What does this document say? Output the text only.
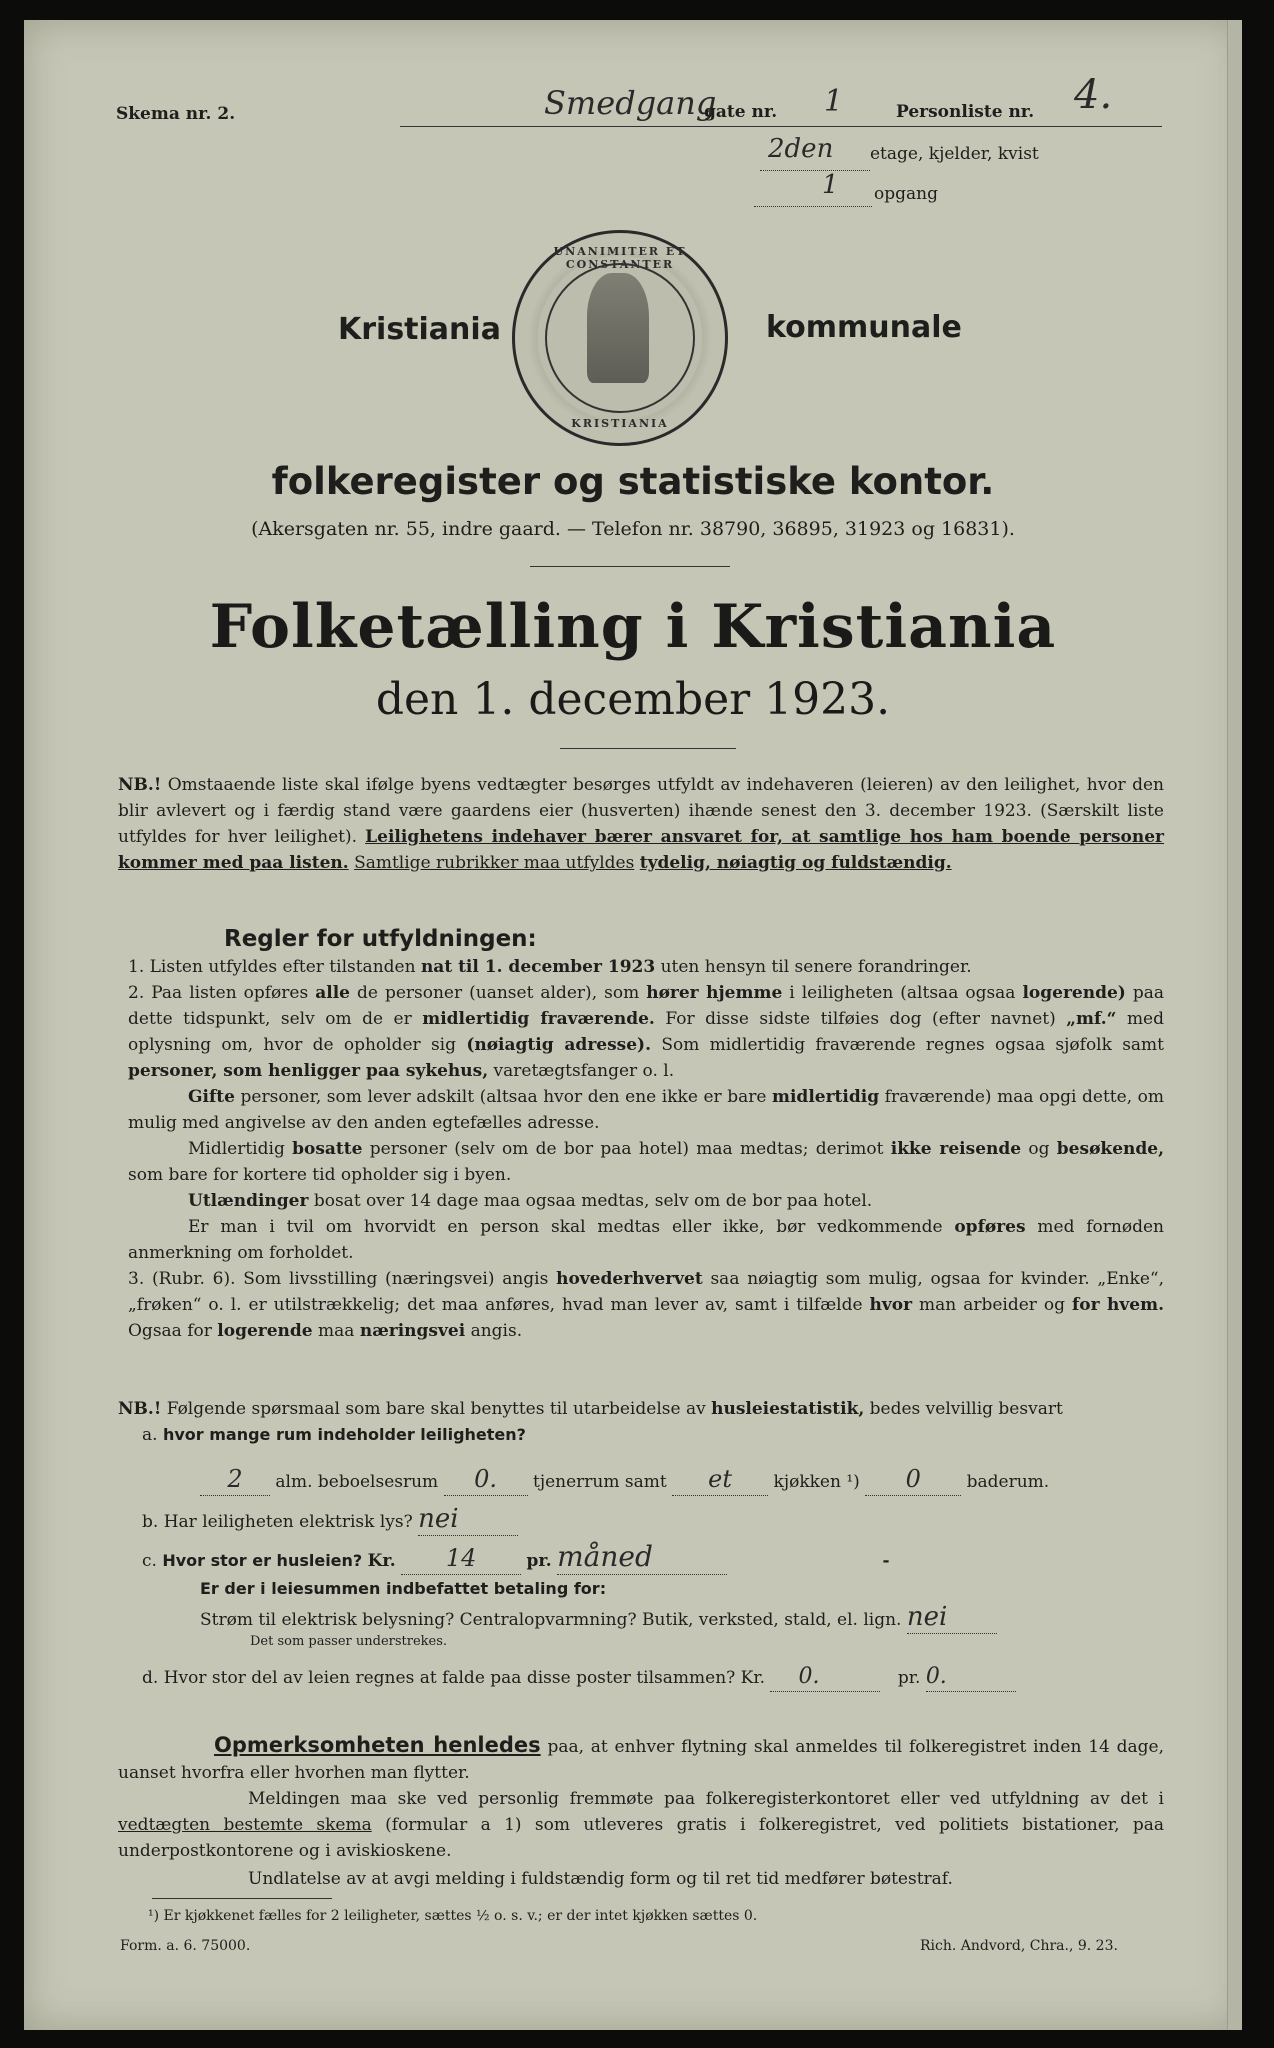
Skema nr. 2.	Smedgang
gate nr. 1	Personliste nr. 4.
2den etage, kjelder, kvist
1 opgang
Kristiania
UNANIMITER ET CONSTANTER
KRISTIANIA
kommunale
folkeregister og statistiske kontor.
(Akersgaten nr. 55, indre gaard. — Telefon nr. 38790, 36895, 31923 og 16831).
Folketælling i Kristiania
den 1. december 1923.
NB.! Omstaaende liste skal ifølge byens vedtægter besørges utfyldt av indehaveren (leieren) av den leilighet, hvor den blir avlevert og i færdig stand være gaardens eier (husverten) ihænde senest den 3. december 1923. (Særskilt liste utfyldes for hver leilighet). Leilighetens indehaver bærer ansvaret for, at samtlige hos ham boende personer kommer med paa listen. Samtlige rubrikker maa utfyldes tydelig, nøiagtig og fuldstændig.
Regler for utfyldningen:
1. Listen utfyldes efter tilstanden nat til 1. december 1923 uten hensyn til senere forandringer.
2. Paa listen opføres alle de personer (uanset alder), som hører hjemme i leiligheten (altsaa ogsaa logerende) paa dette tidspunkt, selv om de er midlertidig fraværende. For disse sidste tilføies dog (efter navnet) „mf.“ med oplysning om, hvor de opholder sig (nøiagtig adresse). Som midlertidig fraværende regnes ogsaa sjøfolk samt personer, som henligger paa sykehus, varetægtsfanger o. l.
Gifte personer, som lever adskilt (altsaa hvor den ene ikke er bare midlertidig fraværende) maa opgi dette, om mulig med angivelse av den anden egtefælles adresse.
Midlertidig bosatte personer (selv om de bor paa hotel) maa medtas; derimot ikke reisende og besøkende, som bare for kortere tid opholder sig i byen.
Utlændinger bosat over 14 dage maa ogsaa medtas, selv om de bor paa hotel.
Er man i tvil om hvorvidt en person skal medtas eller ikke, bør vedkommende opføres med fornøden anmerkning om forholdet.
3. (Rubr. 6). Som livsstilling (næringsvei) angis hovederhvervet saa nøiagtig som mulig, ogsaa for kvinder. „Enke“, „frøken“ o. l. er utilstrækkelig; det maa anføres, hvad man lever av, samt i tilfælde hvor man arbeider og for hvem. Ogsaa for logerende maa næringsvei angis.
NB.! Følgende spørsmaal som bare skal benyttes til utarbeidelse av husleiestatistik, bedes velvillig besvart
a. hvor mange rum indeholder leiligheten?
2 alm. beboelsesrum 0. tjenerrum samt et kjøkken ¹) 0	baderum.
b. Har leiligheten elektrisk lys? nei
c. Hvor stor er husleien? Kr. 14	pr. måned	-
Er der i leiesummen indbefattet betaling for:
Strøm til elektrisk belysning? Centralopvarmning? Butik, verksted, stald, el. lign. nei
Det som passer understrekes.
d. Hvor stor del av leien regnes at falde paa disse poster tilsammen? Kr. 0.	pr. 0.
Opmerksomheten henledes paa, at enhver flytning skal anmeldes til folkeregistret inden 14 dage, uanset hvorfra eller hvorhen man flytter.
Meldingen maa ske ved personlig fremmøte paa folkeregisterkontoret eller ved utfyldning av det i vedtægten bestemte skema (formular a 1) som utleveres gratis i folkeregistret, ved politiets bistationer, paa underpostkontorene og i aviskioskene.
Undlatelse av at avgi melding i fuldstændig form og til ret tid medfører bøtestraf.
¹) Er kjøkkenet fælles for 2 leiligheter, sættes ½ o. s. v.; er der intet kjøkken sættes 0.
Form. a. 6. 75000.	Rich. Andvord, Chra., 9. 23.
